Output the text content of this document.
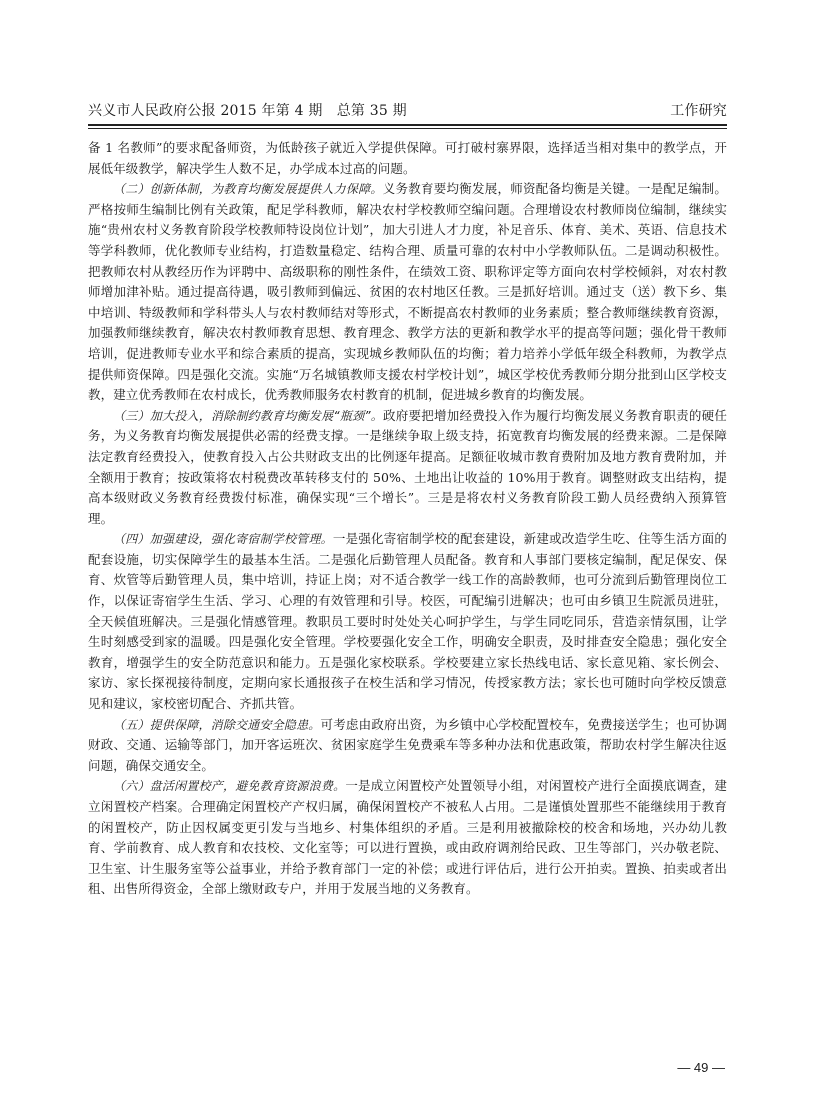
兴义市人民政府公报 2015 年第 4 期　总第 35 期	工作研究

备 1 名教师”的要求配备师资，为低龄孩子就近入学提供保障。可打破村寨界限，选择适当相对集中的教学点，开展低年级教学，解决学生人数不足，办学成本过高的问题。

（二）创新体制，为教育均衡发展提供人力保障。义务教育要均衡发展，师资配备均衡是关键。一是配足编制。严格按师生编制比例有关政策，配足学科教师，解决农村学校教师空编问题。合理增设农村教师岗位编制，继续实施“贵州农村义务教育阶段学校教师特设岗位计划”，加大引进人才力度，补足音乐、体育、美术、英语、信息技术等学科教师，优化教师专业结构，打造数量稳定、结构合理、质量可靠的农村中小学教师队伍。二是调动积极性。把教师农村从教经历作为评聘中、高级职称的刚性条件，在绩效工资、职称评定等方面向农村学校倾斜，对农村教师增加津补贴。通过提高待遇，吸引教师到偏远、贫困的农村地区任教。三是抓好培训。通过支（送）教下乡、集中培训、特级教师和学科带头人与农村教师结对等形式，不断提高农村教师的业务素质；整合教师继续教育资源，加强教师继续教育，解决农村教师教育思想、教育理念、教学方法的更新和教学水平的提高等问题；强化骨干教师培训，促进教师专业水平和综合素质的提高，实现城乡教师队伍的均衡；着力培养小学低年级全科教师，为教学点提供师资保障。四是强化交流。实施“万名城镇教师支援农村学校计划”，城区学校优秀教师分期分批到山区学校支教，建立优秀教师在农村成长，优秀教师服务农村教育的机制，促进城乡教育的均衡发展。

（三）加大投入，消除制约教育均衡发展“瓶颈”。政府要把增加经费投入作为履行均衡发展义务教育职责的硬任务，为义务教育均衡发展提供必需的经费支撑。一是继续争取上级支持，拓宽教育均衡发展的经费来源。二是保障法定教育经费投入，使教育投入占公共财政支出的比例逐年提高。足额征收城市教育费附加及地方教育费附加，并全额用于教育；按政策将农村税费改革转移支付的 50%、土地出让收益的 10%用于教育。调整财政支出结构，提高本级财政义务教育经费拨付标准，确保实现“三个增长”。三是是将农村义务教育阶段工勤人员经费纳入预算管理。

（四）加强建设，强化寄宿制学校管理。一是强化寄宿制学校的配套建设，新建或改造学生吃、住等生活方面的配套设施，切实保障学生的最基本生活。二是强化后勤管理人员配备。教育和人事部门要核定编制，配足保安、保育、炊管等后勤管理人员，集中培训，持证上岗；对不适合教学一线工作的高龄教师，也可分流到后勤管理岗位工作，以保证寄宿学生生活、学习、心理的有效管理和引导。校医，可配编引进解决；也可由乡镇卫生院派员进驻，全天候值班解决。三是强化情感管理。教职员工要时时处处关心呵护学生，与学生同吃同乐，营造亲情氛围，让学生时刻感受到家的温暖。四是强化安全管理。学校要强化安全工作，明确安全职责，及时排查安全隐患；强化安全教育，增强学生的安全防范意识和能力。五是强化家校联系。学校要建立家长热线电话、家长意见箱、家长例会、家访、家长探视接待制度，定期向家长通报孩子在校生活和学习情况，传授家教方法；家长也可随时向学校反馈意见和建议，家校密切配合、齐抓共管。

（五）提供保障，消除交通安全隐患。可考虑由政府出资，为乡镇中心学校配置校车，免费接送学生；也可协调财政、交通、运输等部门，加开客运班次、贫困家庭学生免费乘车等多种办法和优惠政策，帮助农村学生解决往返问题，确保交通安全。

（六）盘活闲置校产，避免教育资源浪费。一是成立闲置校产处置领导小组，对闲置校产进行全面摸底调查，建立闲置校产档案。合理确定闲置校产产权归属，确保闲置校产不被私人占用。二是谨慎处置那些不能继续用于教育的闲置校产，防止因权属变更引发与当地乡、村集体组织的矛盾。三是利用被撤除校的校舍和场地，兴办幼儿教育、学前教育、成人教育和农技校、文化室等；可以进行置换，或由政府调剂给民政、卫生等部门，兴办敬老院、卫生室、计生服务室等公益事业，并给予教育部门一定的补偿；或进行评估后，进行公开拍卖。置换、拍卖或者出租、出售所得资金，全部上缴财政专户，并用于发展当地的义务教育。

— 49 —
